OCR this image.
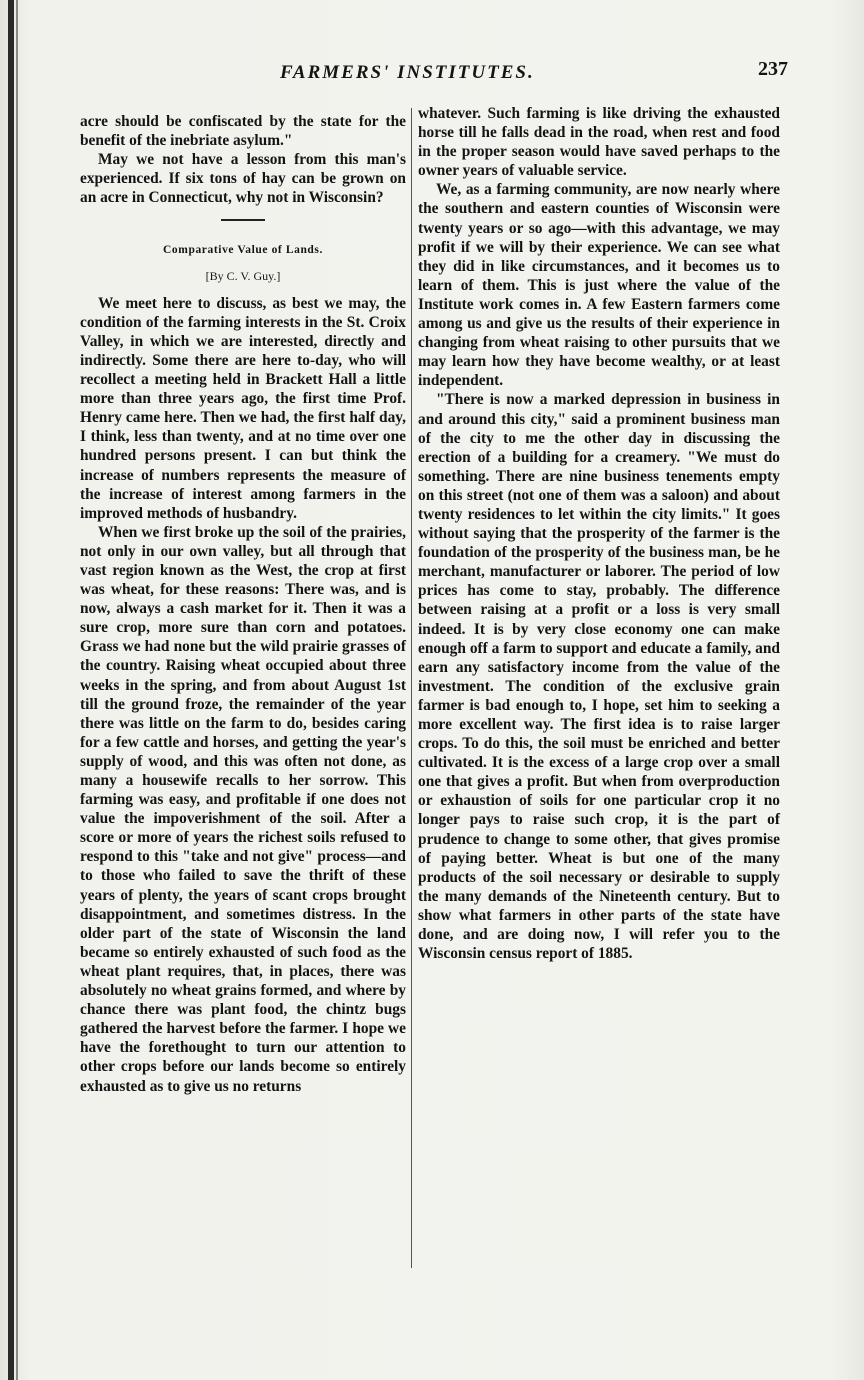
FARMERS' INSTITUTES.	237

acre should be confiscated by the state for the benefit of the inebriate asylum."

May we not have a lesson from this man's experienced. If six tons of hay can be grown on an acre in Connecticut, why not in Wisconsin?

Comparative Value of Lands.
[By C. V. Guy.]

We meet here to discuss, as best we may, the condition of the farming interests in the St. Croix Valley, in which we are interested, directly and indirectly. Some there are here to-day, who will recollect a meeting held in Brackett Hall a little more than three years ago, the first time Prof. Henry came here. Then we had, the first half day, I think, less than twenty, and at no time over one hundred persons present. I can but think the increase of numbers represents the measure of the increase of interest among farmers in the improved methods of husbandry.

When we first broke up the soil of the prairies, not only in our own valley, but all through that vast region known as the West, the crop at first was wheat, for these reasons: There was, and is now, always a cash market for it. Then it was a sure crop, more sure than corn and potatoes. Grass we had none but the wild prairie grasses of the country. Raising wheat occupied about three weeks in the spring, and from about August 1st till the ground froze, the remainder of the year there was little on the farm to do, besides caring for a few cattle and horses, and getting the year's supply of wood, and this was often not done, as many a housewife recalls to her sorrow. This farming was easy, and profitable if one does not value the impoverishment of the soil. After a score or more of years the richest soils refused to respond to this "take and not give" process—and to those who failed to save the thrift of these years of plenty, the years of scant crops brought disappointment, and sometimes distress. In the older part of the state of Wisconsin the land became so entirely exhausted of such food as the wheat plant requires, that, in places, there was absolutely no wheat grains formed, and where by chance there was plant food, the chintz bugs gathered the harvest before the farmer. I hope we have the forethought to turn our attention to other crops before our lands become so entirely exhausted as to give us no returns

whatever. Such farming is like driving the exhausted horse till he falls dead in the road, when rest and food in the proper season would have saved perhaps to the owner years of valuable service.

We, as a farming community, are now nearly where the southern and eastern counties of Wisconsin were twenty years or so ago—with this advantage, we may profit if we will by their experience. We can see what they did in like circumstances, and it becomes us to learn of them. This is just where the value of the Institute work comes in. A few Eastern farmers come among us and give us the results of their experience in changing from wheat raising to other pursuits that we may learn how they have become wealthy, or at least independent.

"There is now a marked depression in business in and around this city," said a prominent business man of the city to me the other day in discussing the erection of a building for a creamery. "We must do something. There are nine business tenements empty on this street (not one of them was a saloon) and about twenty residences to let within the city limits." It goes without saying that the prosperity of the farmer is the foundation of the prosperity of the business man, be he merchant, manufacturer or laborer. The period of low prices has come to stay, probably. The difference between raising at a profit or a loss is very small indeed. It is by very close economy one can make enough off a farm to support and educate a family, and earn any satisfactory income from the value of the investment. The condition of the exclusive grain farmer is bad enough to, I hope, set him to seeking a more excellent way. The first idea is to raise larger crops. To do this, the soil must be enriched and better cultivated. It is the excess of a large crop over a small one that gives a profit. But when from overproduction or exhaustion of soils for one particular crop it no longer pays to raise such crop, it is the part of prudence to change to some other, that gives promise of paying better. Wheat is but one of the many products of the soil necessary or desirable to supply the many demands of the Nineteenth century. But to show what farmers in other parts of the state have done, and are doing now, I will refer you to the Wisconsin census report of 1885.
